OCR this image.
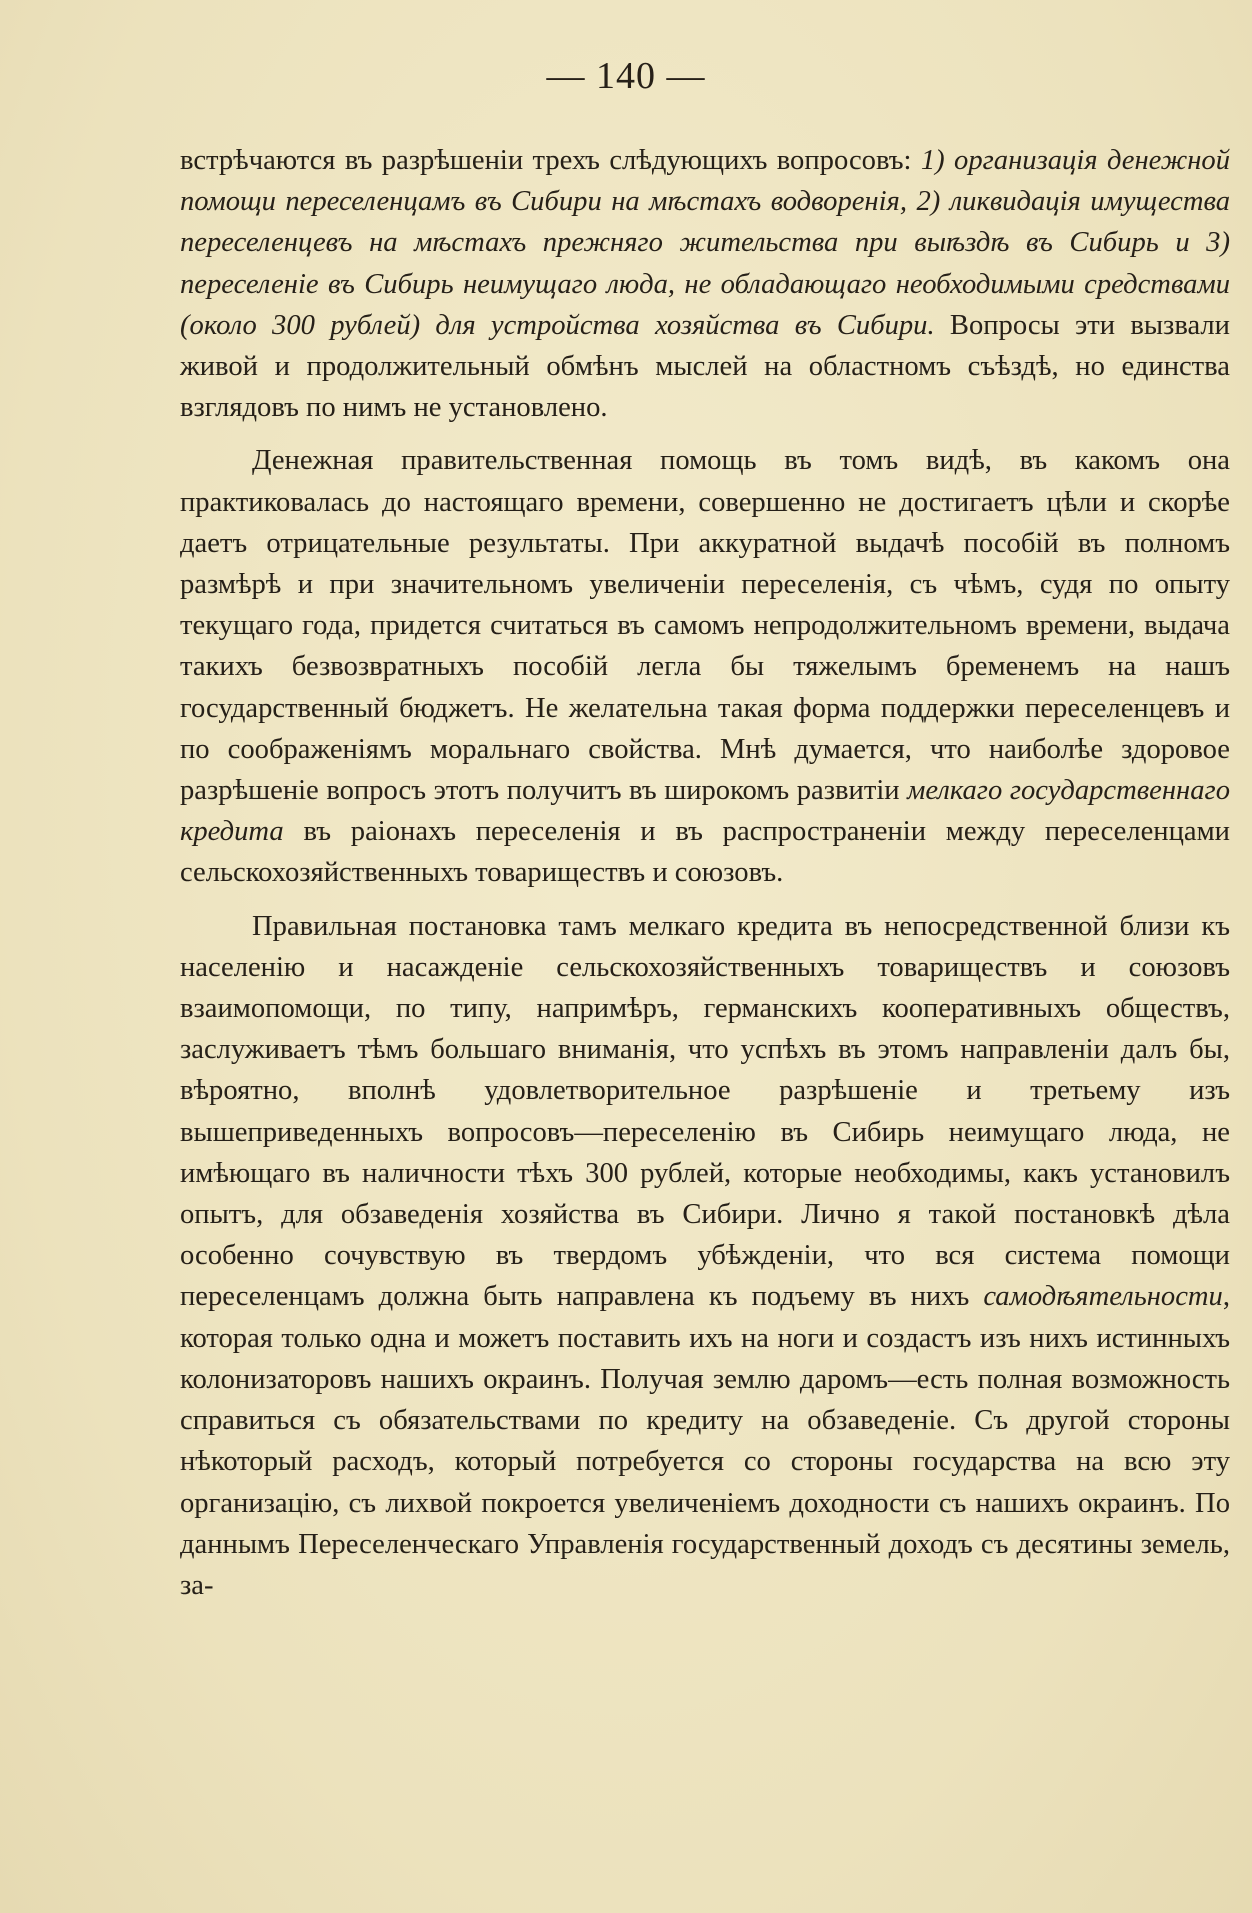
— 140 —

встрѣчаются въ разрѣшеніи трехъ слѣдующихъ вопросовъ: 1) организація денежной помощи переселенцамъ въ Сибири на мѣстахъ водворенія, 2) ликвидація имущества переселенцевъ на мѣстахъ прежняго жительства при выѣздѣ въ Сибирь и 3) переселеніе въ Сибирь неимущаго люда, не обладающаго необходимыми средствами (около 300 рублей) для устройства хозяйства въ Сибири. Вопросы эти вызвали живой и продолжительный обмѣнъ мыслей на областномъ съѣздѣ, но единства взглядовъ по нимъ не установлено.

Денежная правительственная помощь въ томъ видѣ, въ какомъ она практиковалась до настоящаго времени, совершенно не достигаетъ цѣли и скорѣе даетъ отрицательные результаты. При аккуратной выдачѣ пособій въ полномъ размѣрѣ и при значительномъ увеличеніи переселенія, съ чѣмъ, судя по опыту текущаго года, придется считаться въ самомъ непродолжительномъ времени, выдача такихъ безвозвратныхъ пособій легла бы тяжелымъ бременемъ на нашъ государственный бюджетъ. Не желательна такая форма поддержки переселенцевъ и по соображеніямъ моральнаго свойства. Мнѣ думается, что наиболѣе здоровое разрѣшеніе вопросъ этотъ получитъ въ широкомъ развитіи мелкаго государственнаго кредита въ раіонахъ переселенія и въ распространеніи между переселенцами сельскохозяйственныхъ товариществъ и союзовъ.

Правильная постановка тамъ мелкаго кредита въ непосредственной близи къ населенію и насажденіе сельскохозяйственныхъ товариществъ и союзовъ взаимопомощи, по типу, напримѣръ, германскихъ кооперативныхъ обществъ, заслуживаетъ тѣмъ большаго вниманія, что успѣхъ въ этомъ направленіи далъ бы, вѣроятно, вполнѣ удовлетворительное разрѣшеніе и третьему изъ вышеприведенныхъ вопросовъ—переселенію въ Сибирь неимущаго люда, не имѣющаго въ наличности тѣхъ 300 рублей, которые необходимы, какъ установилъ опытъ, для обзаведенія хозяйства въ Сибири. Лично я такой постановкѣ дѣла особенно сочувствую въ твердомъ убѣжденіи, что вся система помощи переселенцамъ должна быть направлена къ подъему въ нихъ самодѣятельности, которая только одна и можетъ поставить ихъ на ноги и создастъ изъ нихъ истинныхъ колонизаторовъ нашихъ окраинъ. Получая землю даромъ—есть полная возможность справиться съ обязательствами по кредиту на обзаведеніе. Съ другой стороны нѣкоторый расходъ, который потребуется со стороны государства на всю эту организацію, съ лихвой покроется увеличеніемъ доходности съ нашихъ окраинъ. По даннымъ Переселенческаго Управленія государственный доходъ съ десятины земель, за-
